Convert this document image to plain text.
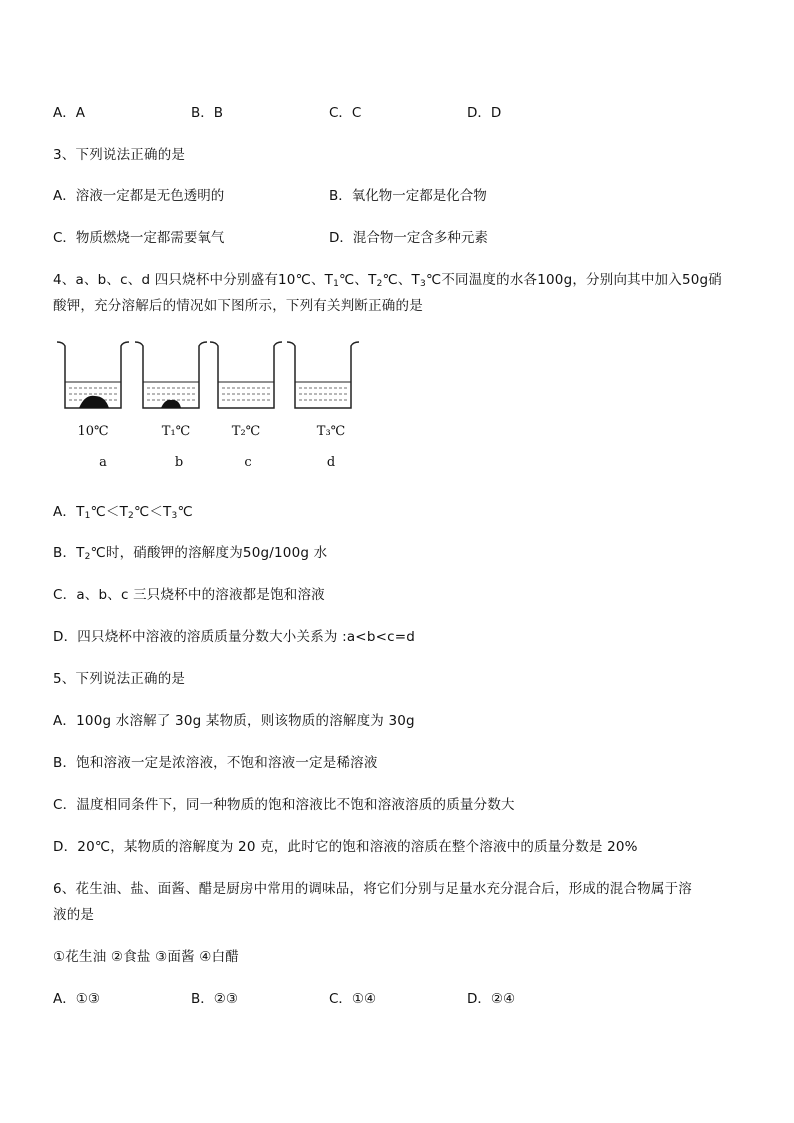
A．A	B．B	C．C	D．D
3、下列说法正确的是
A．溶液一定都是无色透明的	B．氧化物一定都是化合物
C．物质燃烧一定都需要氧气	D．混合物一定含多种元素
4、a、b、c、d 四只烧杯中分别盛有10℃、$T_1℃$、$T_2℃$、$T_3℃$不同温度的水各100g，分别向其中加入50g硝
酸钾，充分溶解后的情况如下图所示，下列有关判断正确的是
10℃	T₁℃	T₂℃	T₃℃
a	b	c	d
A．$T_1℃<T_2℃<T_3℃$
B．$T_2℃$时，硝酸钾的溶解度为50g/100g 水
C．a、b、c 三只烧杯中的溶液都是饱和溶液
D．四只烧杯中溶液的溶质质量分数大小关系为 :a<b<c=d
5、下列说法正确的是
A．100g 水溶解了 30g 某物质，则该物质的溶解度为 30g
B．饱和溶液一定是浓溶液，不饱和溶液一定是稀溶液
C．温度相同条件下，同一种物质的饱和溶液比不饱和溶液溶质的质量分数大
D．20℃，某物质的溶解度为 20 克，此时它的饱和溶液的溶质在整个溶液中的质量分数是 20%
6、花生油、盐、面酱、醋是厨房中常用的调味品，将它们分别与足量水充分混合后，形成的混合物属于溶
液的是
①花生油 ②食盐 ③面酱 ④白醋
A．①③	B．②③	C．①④	D．②④
